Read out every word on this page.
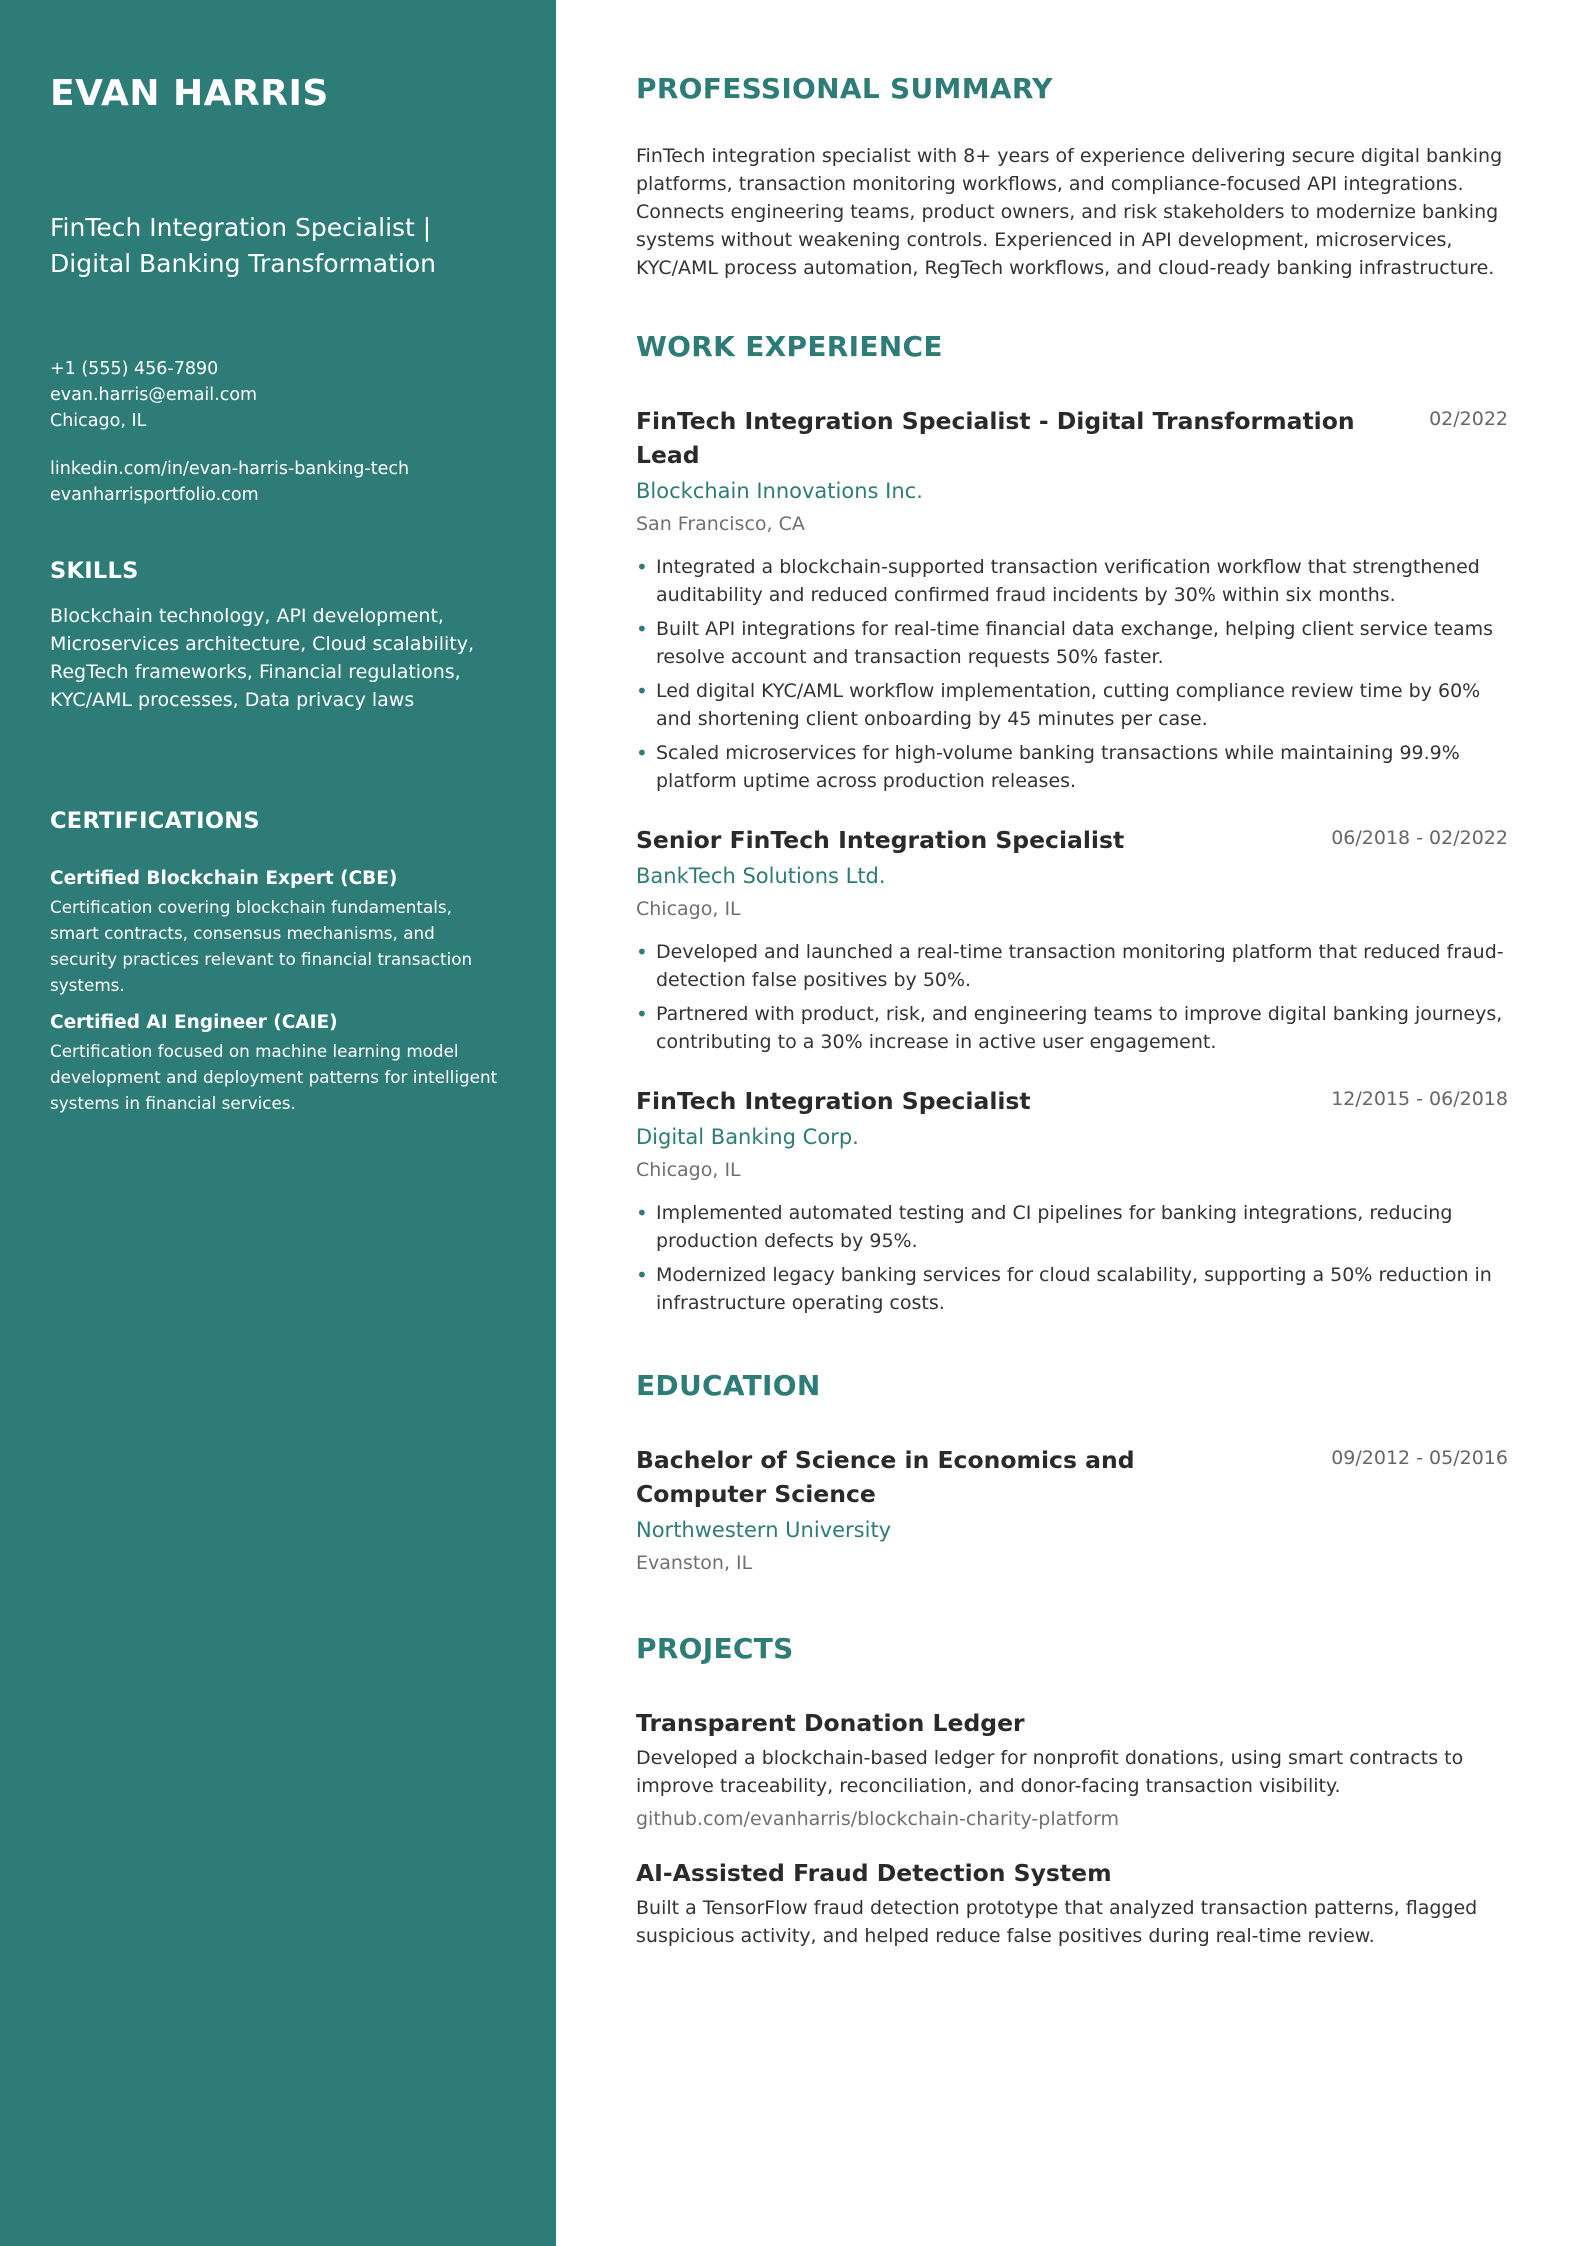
EVAN HARRIS
FinTech Integration Specialist | Digital Banking Transformation
+1 (555) 456-7890
evan.harris@email.com
Chicago, IL
linkedin.com/in/evan-harris-banking-tech
evanharrisportfolio.com
SKILLS

Blockchain technology, API development, Microservices architecture, Cloud scalability, RegTech frameworks, Financial regulations, KYC/AML processes, Data privacy laws

CERTIFICATIONS
Certified Blockchain Expert (CBE)
Certification covering blockchain fundamentals, smart contracts, consensus mechanisms, and security practices relevant to financial transaction systems.
Certified AI Engineer (CAIE)
Certification focused on machine learning model development and deployment patterns for intelligent systems in financial services.
PROFESSIONAL SUMMARY

FinTech integration specialist with 8+ years of experience delivering secure digital banking platforms, transaction monitoring workflows, and compliance-focused API integrations. Connects engineering teams, product owners, and risk stakeholders to modernize banking systems without weakening controls. Experienced in API development, microservices, KYC/AML process automation, RegTech workflows, and cloud-ready banking infrastructure.

WORK EXPERIENCE
FinTech Integration Specialist - Digital Transformation Lead
02/2022
Blockchain Innovations Inc.
San Francisco, CA
• Integrated a blockchain-supported transaction verification workflow that strengthened auditability and reduced confirmed fraud incidents by 30% within six months.
• Built API integrations for real-time financial data exchange, helping client service teams resolve account and transaction requests 50% faster.
• Led digital KYC/AML workflow implementation, cutting compliance review time by 60% and shortening client onboarding by 45 minutes per case.
• Scaled microservices for high-volume banking transactions while maintaining 99.9% platform uptime across production releases.
Senior FinTech Integration Specialist	06/2018 - 02/2022
BankTech Solutions Ltd.
Chicago, IL
• Developed and launched a real-time transaction monitoring platform that reduced fraud-detection false positives by 50%.
• Partnered with product, risk, and engineering teams to improve digital banking journeys, contributing to a 30% increase in active user engagement.
FinTech Integration Specialist	12/2015 - 06/2018
Digital Banking Corp.
Chicago, IL
• Implemented automated testing and CI pipelines for banking integrations, reducing production defects by 95%.
• Modernized legacy banking services for cloud scalability, supporting a 50% reduction in infrastructure operating costs.
EDUCATION
Bachelor of Science in Economics and Computer Science
09/2012 - 05/2016
Northwestern University
Evanston, IL
PROJECTS
Transparent Donation Ledger
Developed a blockchain-based ledger for nonprofit donations, using smart contracts to improve traceability, reconciliation, and donor-facing transaction visibility.
github.com/evanharris/blockchain-charity-platform
AI-Assisted Fraud Detection System
Built a TensorFlow fraud detection prototype that analyzed transaction patterns, flagged suspicious activity, and helped reduce false positives during real-time review.
